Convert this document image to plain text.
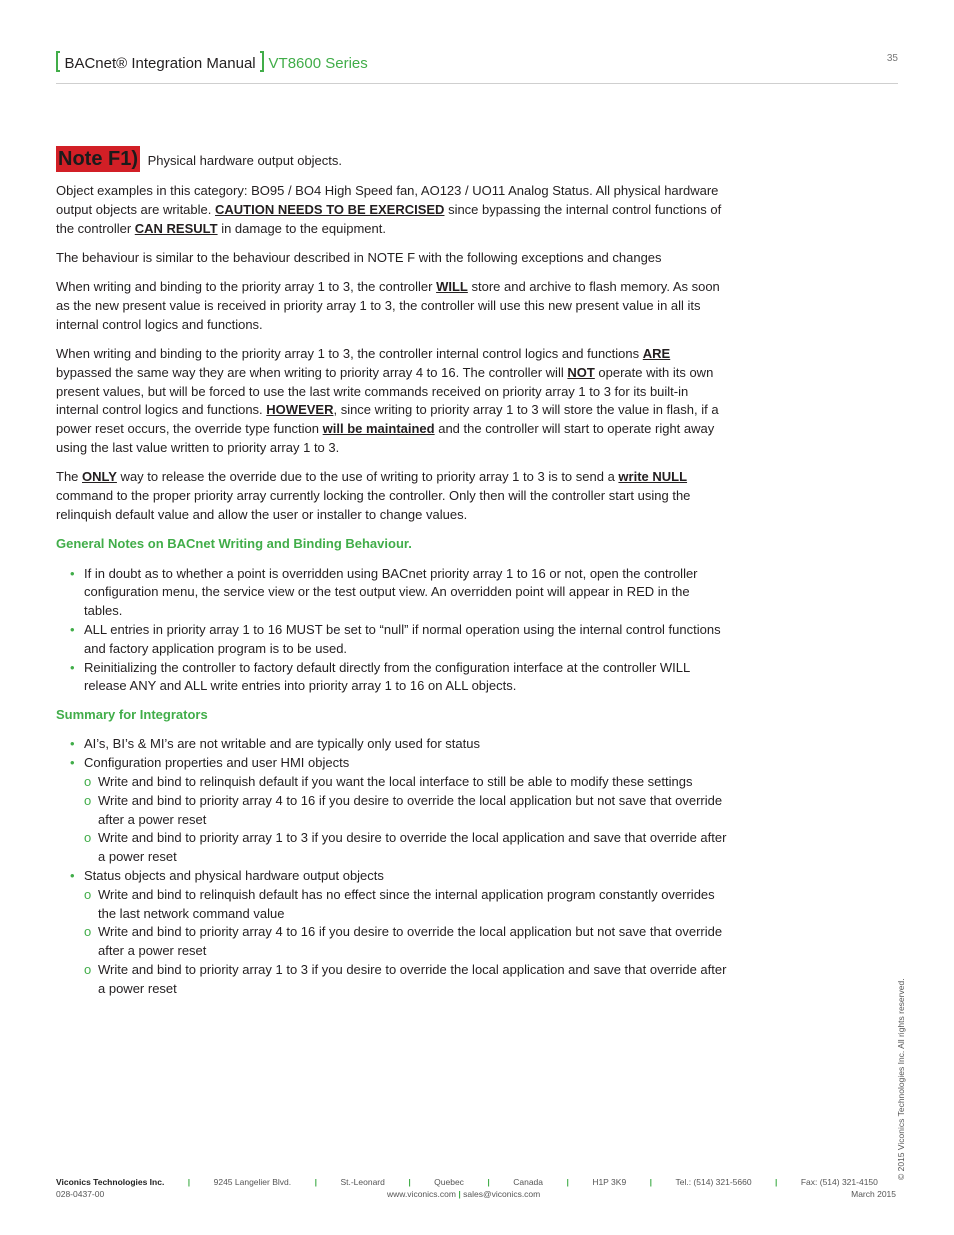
BACnet® Integration Manual VT8600 Series	35
Note F1) Physical hardware output objects.

Object examples in this category: BO95 / BO4 High Speed fan, AO123 / UO11 Analog Status. All physical hardware output objects are writable. CAUTION NEEDS TO BE EXERCISED since bypassing the internal control functions of the controller CAN RESULT in damage to the equipment.

The behaviour is similar to the behaviour described in NOTE F with the following exceptions and changes

When writing and binding to the priority array 1 to 3, the controller WILL store and archive to flash memory. As soon as the new present value is received in priority array 1 to 3, the controller will use this new present value in all its internal control logics and functions.

When writing and binding to the priority array 1 to 3, the controller internal control logics and functions ARE bypassed the same way they are when writing to priority array 4 to 16. The controller will NOT operate with its own present values, but will be forced to use the last write commands received on priority array 1 to 3 for its built-in internal control logics and functions. HOWEVER, since writing to priority array 1 to 3 will store the value in flash, if a power reset occurs, the override type function will be maintained and the controller will start to operate right away using the last value written to priority array 1 to 3.

The ONLY way to release the override due to the use of writing to priority array 1 to 3 is to send a write NULL command to the proper priority array currently locking the controller. Only then will the controller start using the relinquish default value and allow the user or installer to change values.

General Notes on BACnet Writing and Binding Behaviour.
• If in doubt as to whether a point is overridden using BACnet priority array 1 to 16 or not, open the controller configuration menu, the service view or the test output view. An overridden point will appear in RED in the tables.
• ALL entries in priority array 1 to 16 MUST be set to “null” if normal operation using the internal control functions and factory application program is to be used.
• Reinitializing the controller to factory default directly from the configuration interface at the controller WILL release ANY and ALL write entries into priority array 1 to 16 on ALL objects.
Summary for Integrators
• AI’s, BI’s & MI’s are not writable and are typically only used for status
• Configuration properties and user HMI objects
o Write and bind to relinquish default if you want the local interface to still be able to modify these settings
o Write and bind to priority array 4 to 16 if you desire to override the local application but not save that override after a power reset
o Write and bind to priority array 1 to 3 if you desire to override the local application and save that override after a power reset
• Status objects and physical hardware output objects
o Write and bind to relinquish default has no effect since the internal application program constantly overrides the last network command value
o Write and bind to priority array 4 to 16 if you desire to override the local application but not save that override after a power reset
o Write and bind to priority array 1 to 3 if you desire to override the local application and save that override after a power reset	© 2015 Viconics Technologies Inc. All rights reserved.
Viconics Technologies Inc.	|	9245 Langelier Blvd.	|	St.-Leonard	|	Quebec	|	Canada	|	H1P 3K9	|	Tel.: (514) 321-5660	|	Fax: (514) 321-4150
028-0437-00	www.viconics.com | sales@viconics.com	March 2015
